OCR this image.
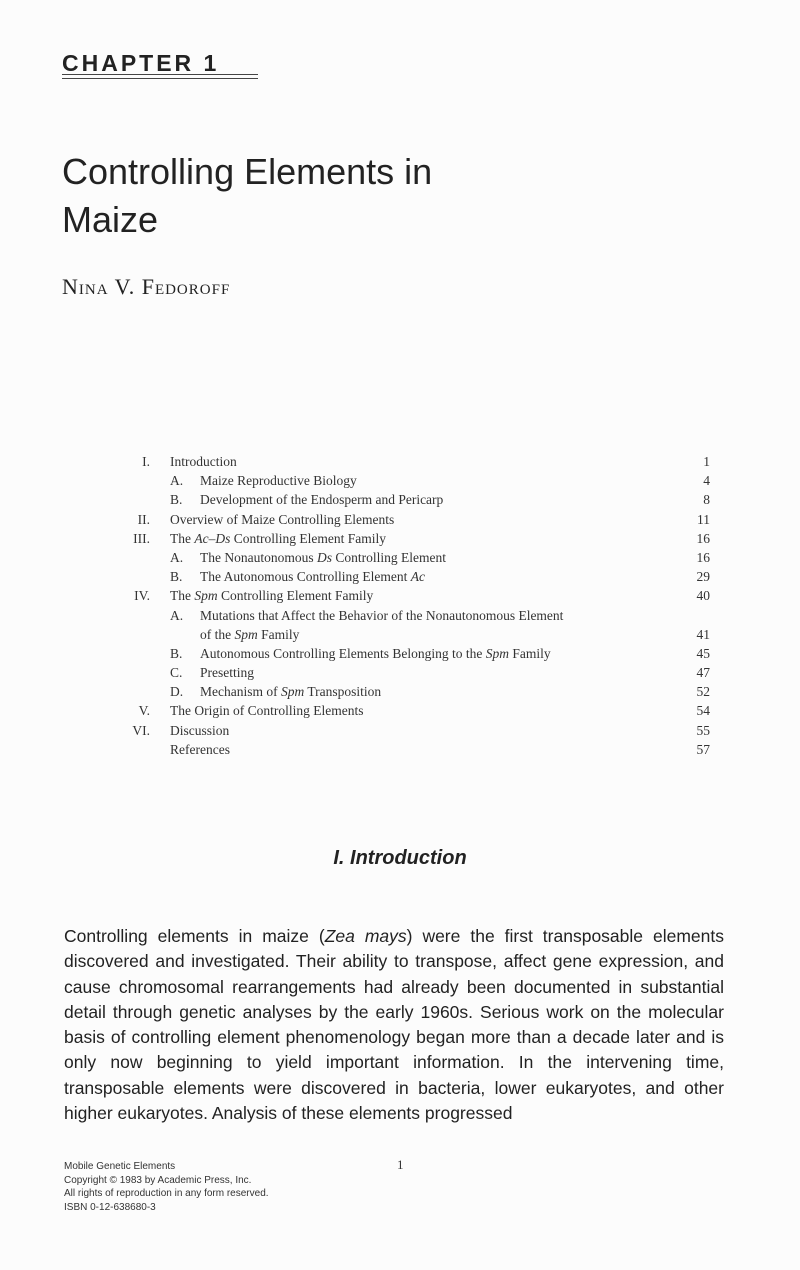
CHAPTER 1
Controlling Elements in
Maize

Nina V. Fedoroff

I. Introduction	1
A.	Maize Reproductive Biology	4
B.	Development of the Endosperm and Pericarp	8
II. Overview of Maize Controlling Elements	11
III. The Ac–Ds Controlling Element Family	16
A.	The Nonautonomous Ds Controlling Element	16
B.	The Autonomous Controlling Element Ac	29
IV. The Spm Controlling Element Family	40
A.	Mutations that Affect the Behavior of the Nonautonomous Element
of the Spm Family	41
B.	Autonomous Controlling Elements Belonging to the Spm Family	45
C.	Presetting	47
D.	Mechanism of Spm Transposition	52
V. The Origin of Controlling Elements	54
VI. Discussion	55
References	57
I. Introduction

Controlling elements in maize (Zea mays) were the first transposable elements discovered and investigated. Their ability to transpose, affect gene expression, and cause chromosomal rearrangements had already been documented in substantial detail through genetic analyses by the early 1960s. Serious work on the molecular basis of controlling element phenomenology began more than a decade later and is only now beginning to yield important information. In the intervening time, transposable elements were discovered in bacteria, lower eukaryotes, and other higher eukaryotes. Analysis of these elements progressed

Mobile Genetic Elements
Copyright © 1983 by Academic Press, Inc.
All rights of reproduction in any form reserved.
ISBN 0-12-638680-3
1
